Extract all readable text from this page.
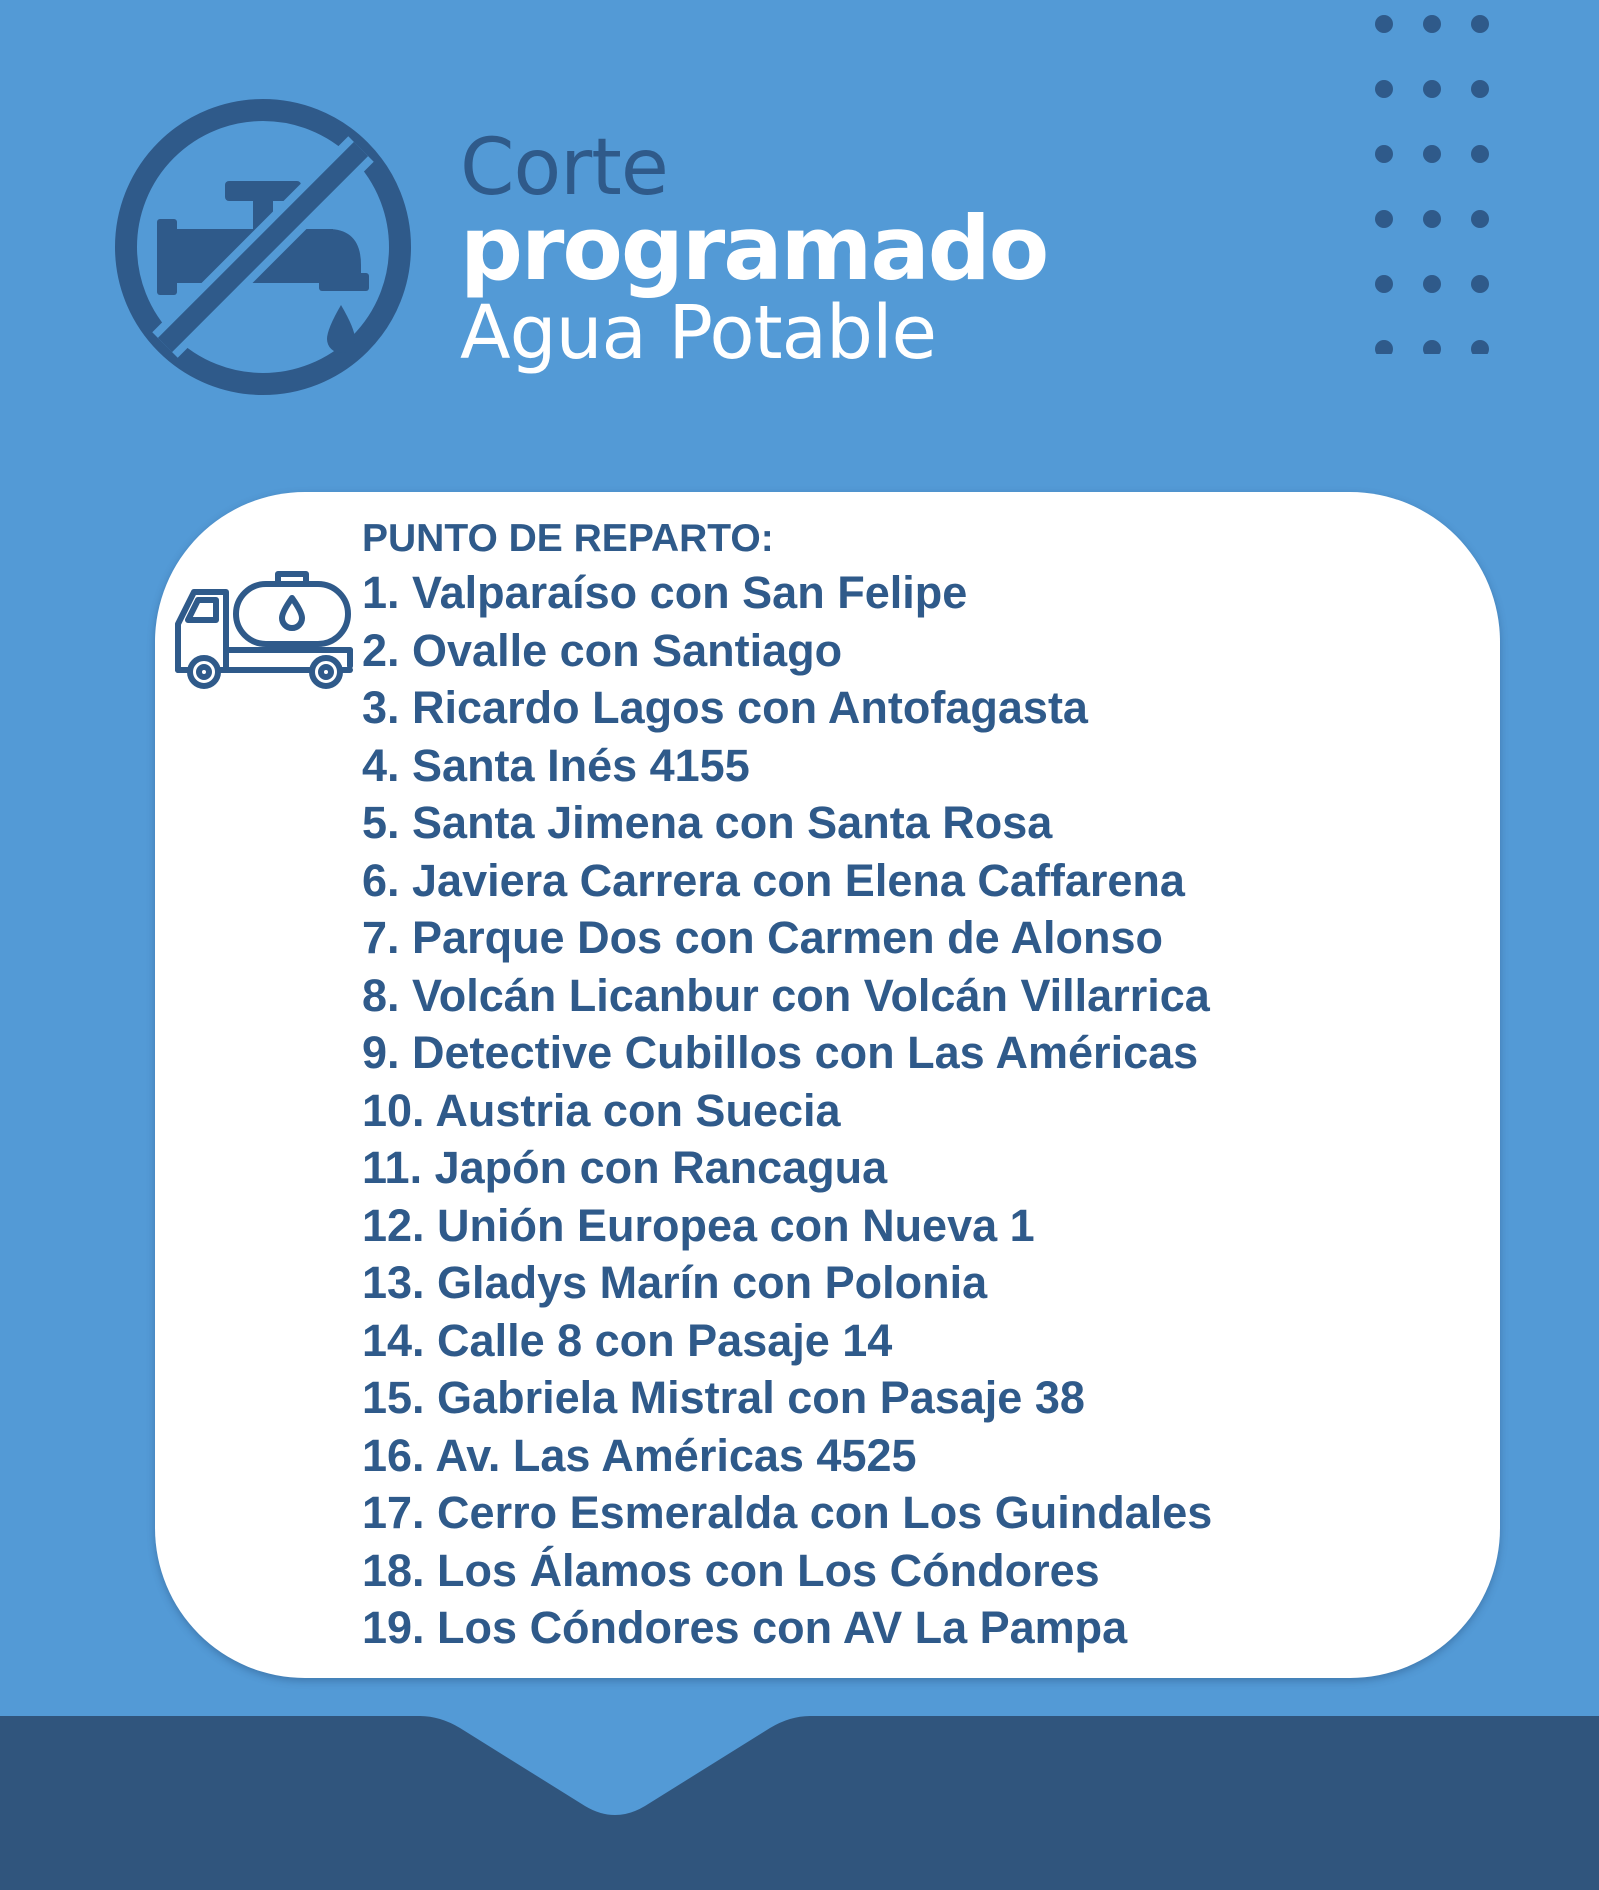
Corte
programado
Agua Potable
PUNTO DE REPARTO:
1. Valparaíso con San Felipe
2. Ovalle con Santiago
3. Ricardo Lagos con Antofagasta
4. Santa Inés 4155
5. Santa Jimena con Santa Rosa
6. Javiera Carrera con Elena Caffarena
7. Parque Dos con Carmen de Alonso
8. Volcán Licanbur con Volcán Villarrica
9. Detective Cubillos con Las Américas
10. Austria con Suecia
11. Japón con Rancagua
12. Unión Europea con Nueva 1
13. Gladys Marín con Polonia
14. Calle 8 con Pasaje 14
15. Gabriela Mistral con Pasaje 38
16. Av. Las Américas 4525
17. Cerro Esmeralda con Los Guindales
18. Los Álamos con Los Cóndores
19. Los Cóndores con AV La Pampa
